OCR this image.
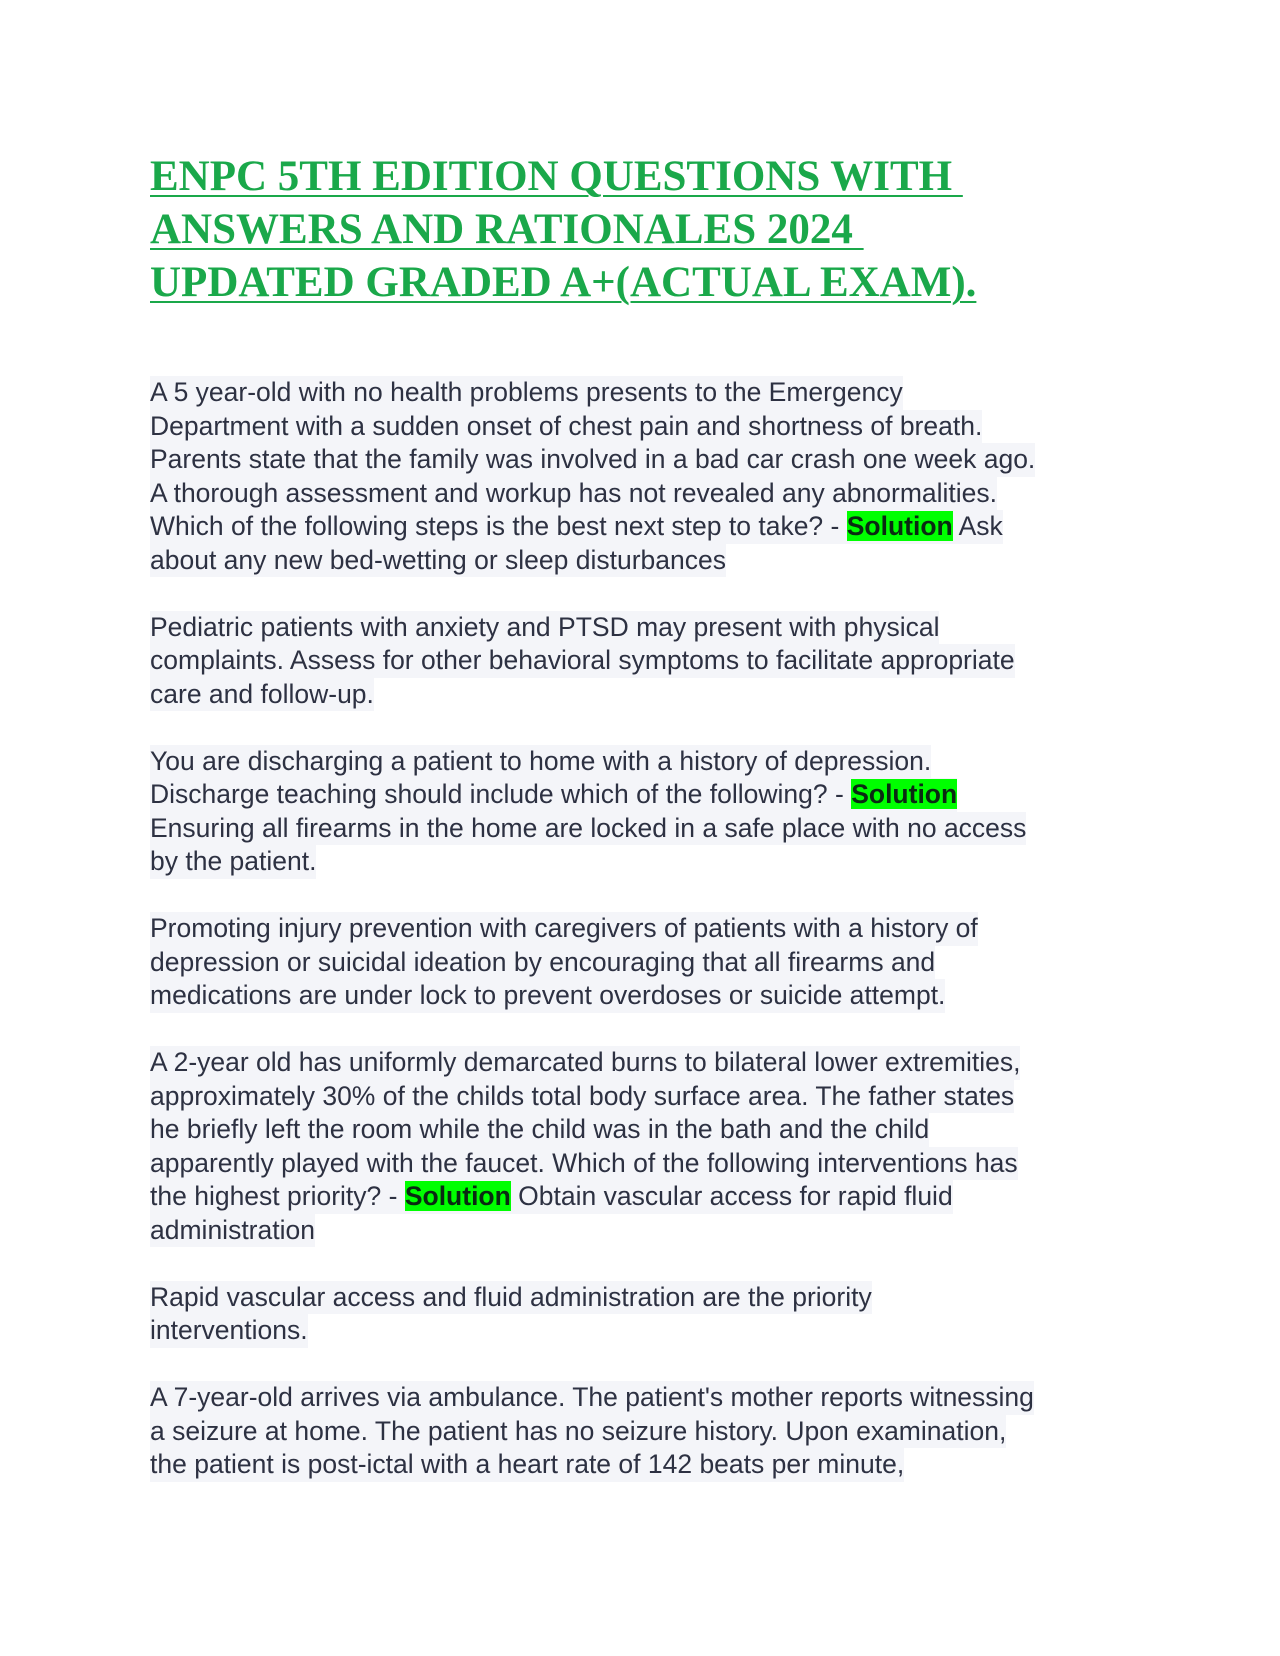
ENPC 5TH EDITION QUESTIONS WITH
ANSWERS AND RATIONALES 2024
UPDATED GRADED A+(ACTUAL EXAM).
A 5 year-old with no health problems presents to the Emergency
Department with a sudden onset of chest pain and shortness of breath.
Parents state that the family was involved in a bad car crash one week ago.
A thorough assessment and workup has not revealed any abnormalities.
Which of the following steps is the best next step to take? - Solution Ask
about any new bed-wetting or sleep disturbances
Pediatric patients with anxiety and PTSD may present with physical
complaints. Assess for other behavioral symptoms to facilitate appropriate
care and follow-up.
You are discharging a patient to home with a history of depression.
Discharge teaching should include which of the following? - Solution
Ensuring all firearms in the home are locked in a safe place with no access
by the patient.
Promoting injury prevention with caregivers of patients with a history of
depression or suicidal ideation by encouraging that all firearms and
medications are under lock to prevent overdoses or suicide attempt.
A 2-year old has uniformly demarcated burns to bilateral lower extremities,
approximately 30% of the childs total body surface area. The father states
he briefly left the room while the child was in the bath and the child
apparently played with the faucet. Which of the following interventions has
the highest priority? - Solution Obtain vascular access for rapid fluid
administration
Rapid vascular access and fluid administration are the priority
interventions.
A 7-year-old arrives via ambulance. The patient's mother reports witnessing
a seizure at home. The patient has no seizure history. Upon examination,
the patient is post-ictal with a heart rate of 142 beats per minute,
